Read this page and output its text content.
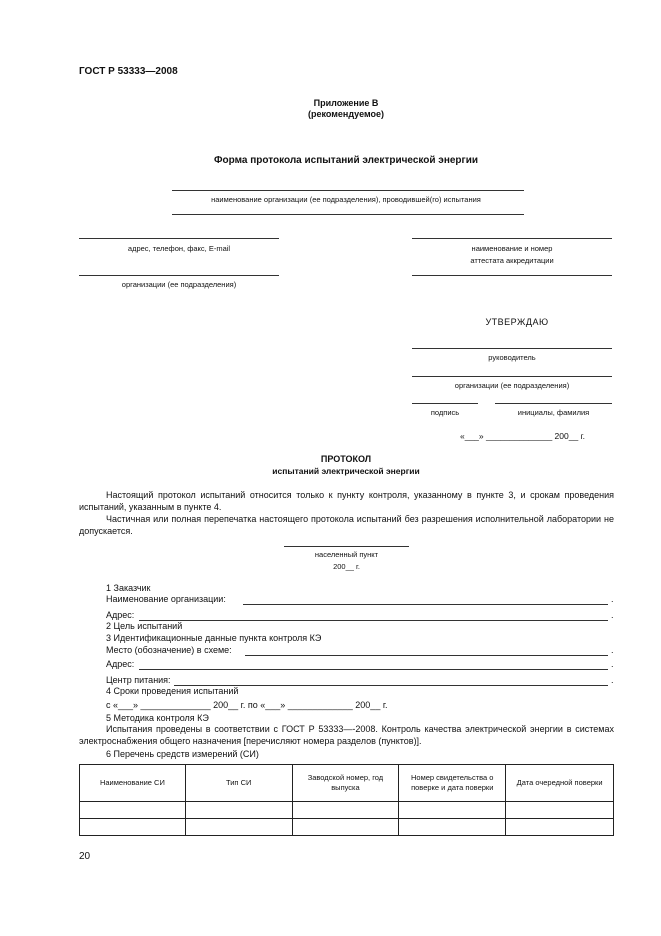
ГОСТ Р 53333—2008
Приложение В
(рекомендуемое)
Форма протокола испытаний электрической энергии
наименование организации (ее подразделения), проводившей(го) испытания
адрес, телефон, факс, E-mail
организации (ее подразделения)
наименование и номер
аттестата аккредитации
УТВЕРЖДАЮ
руководитель
организации (ее подразделения)
подпись	инициалы, фамилия
«___» ______________ 200__ г.
ПРОТОКОЛ
испытаний электрической энергии

Настоящий протокол испытаний относится только к пункту контроля, указанному в пункте 3, и срокам проведения испытаний, указанным в пункте 4.

Частичная или полная перепечатка настоящего протокола испытаний без разрешения исполнительной лаборатории не допускается.

населенный пункт
200__ г.
1 Заказчик
Наименование организации:	.
Адрес:	.
2 Цель испытаний
3 Идентификационные данные пункта контроля КЭ
Место (обозначение) в схеме:	.
Адрес:	.
Центр питания:	.
4 Сроки проведения испытаний
с «___» ______________ 200__ г. по «___» _____________ 200__ г.
5 Методика контроля КЭ

Испытания проведены в соответствии с ГОСТ Р 53333—-2008. Контроль качества электрической энергии в системах электроснабжения общего назначения [перечисляют номера разделов (пунктов)].

6 Перечень средств измерений (СИ)
Наименование СИ	Тип СИ	Заводской номер, год выпуска	Номер свидетельства о поверке и дата поверки	Дата очередной поверки

20
